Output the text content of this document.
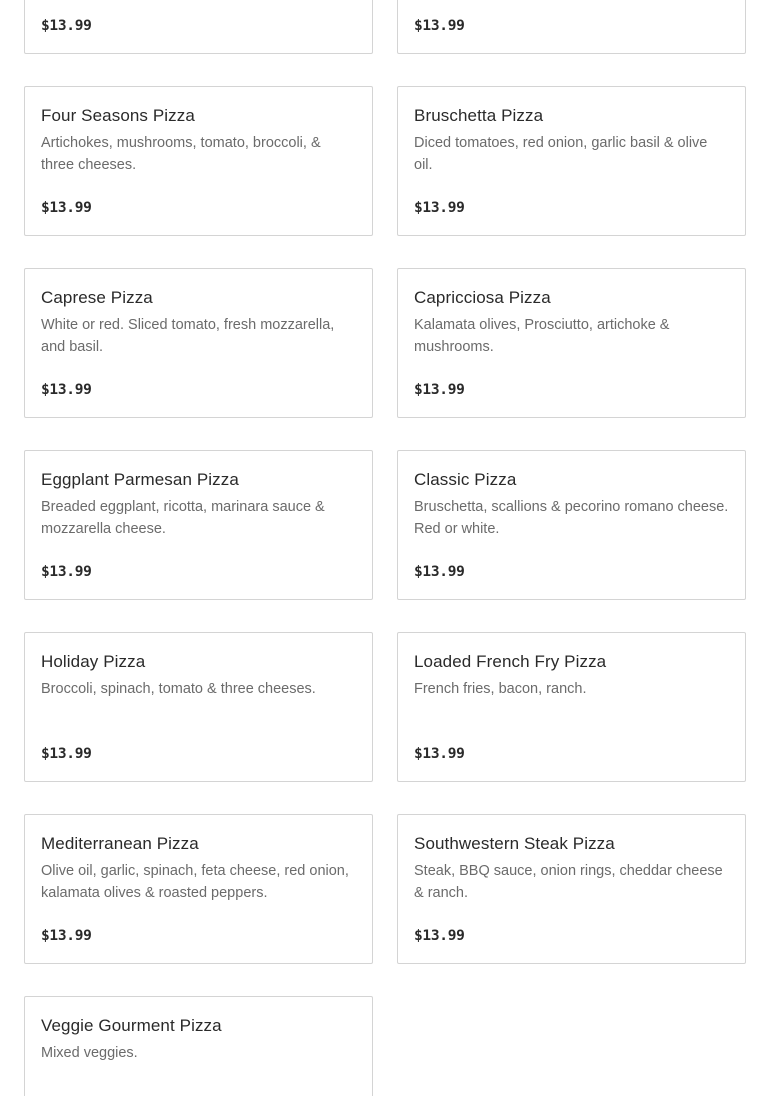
$13.99	$13.99
Four Seasons Pizza
Artichokes, mushrooms, tomato, broccoli, & three cheeses.
$13.99
Bruschetta Pizza
Diced tomatoes, red onion, garlic basil & olive oil.
$13.99
Caprese Pizza
White or red. Sliced tomato, fresh mozzarella, and basil.
$13.99
Capricciosa Pizza
Kalamata olives, Prosciutto, artichoke & mushrooms.
$13.99
Eggplant Parmesan Pizza
Breaded eggplant, ricotta, marinara sauce & mozzarella cheese.
$13.99
Classic Pizza
Bruschetta, scallions & pecorino romano cheese. Red or white.
$13.99
Holiday Pizza
Broccoli, spinach, tomato & three cheeses.
$13.99
Loaded French Fry Pizza
French fries, bacon, ranch.
$13.99
Mediterranean Pizza
Olive oil, garlic, spinach, feta cheese, red onion, kalamata olives & roasted peppers.
$13.99
Southwestern Steak Pizza
Steak, BBQ sauce, onion rings, cheddar cheese & ranch.
$13.99
Veggie Gourment Pizza
Mixed veggies.
